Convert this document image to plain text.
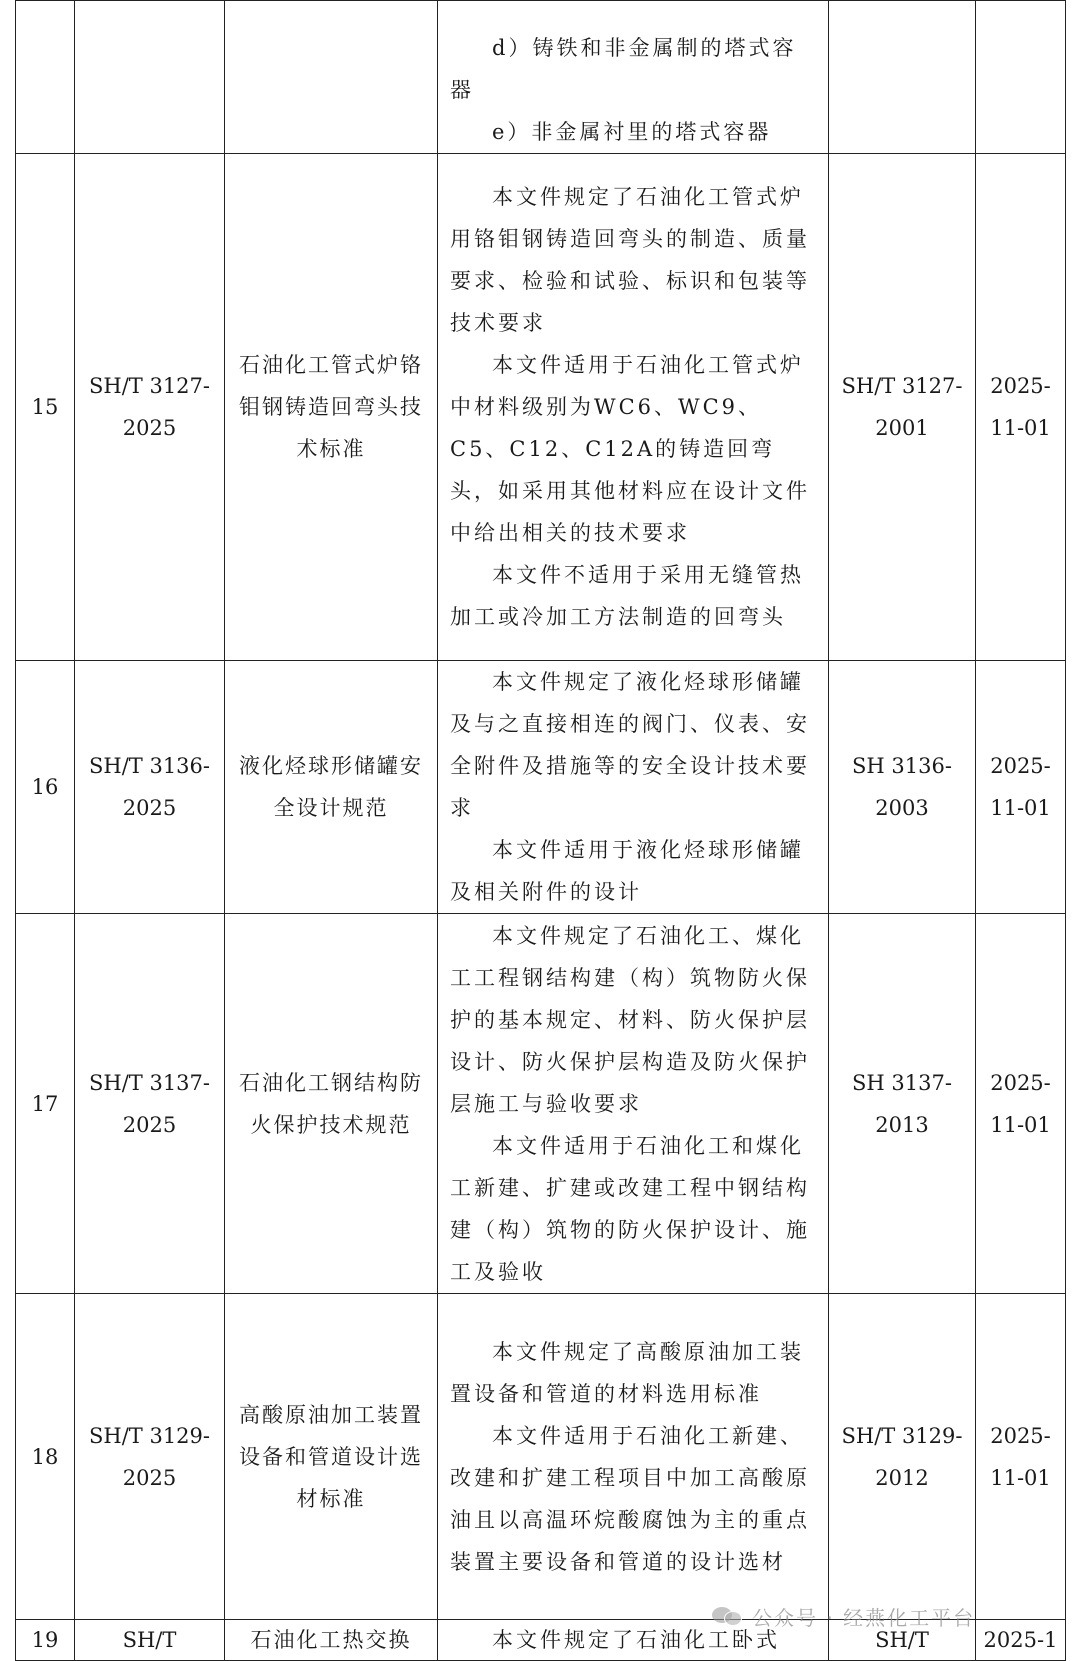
			d）铸铁和非金属制的塔式容器
e）非金属衬里的塔式容器		

15	SH/T 3127-2025	石油化工管式炉铬钼钢铸造回弯头技术标准	本文件规定了石油化工管式炉用铬钼钢铸造回弯头的制造、质量要求、检验和试验、标识和包装等技术要求
本文件适用于石油化工管式炉中材料级别为WC6、WC9、C5、C12、C12A的铸造回弯头，如采用其他材料应在设计文件中给出相关的技术要求
本文件不适用于采用无缝管热加工或冷加工方法制造的回弯头	SH/T 3127-2001	2025-11-01
16	SH/T 3136-2025	液化烃球形储罐安全设计规范	本文件规定了液化烃球形储罐及与之直接相连的阀门、仪表、安全附件及措施等的安全设计技术要求
本文件适用于液化烃球形储罐及相关附件的设计	SH 3136-2003	2025-11-01
17	SH/T 3137-2025	石油化工钢结构防火保护技术规范	本文件规定了石油化工、煤化工工程钢结构建（构）筑物防火保护的基本规定、材料、防火保护层设计、防火保护层构造及防火保护层施工与验收要求
本文件适用于石油化工和煤化工新建、扩建或改建工程中钢结构建（构）筑物的防火保护设计、施工及验收	SH 3137-2013	2025-11-01
18	SH/T 3129-2025	高酸原油加工装置设备和管道设计选材标准	本文件规定了高酸原油加工装置设备和管道的材料选用标准
本文件适用于石油化工新建、改建和扩建工程项目中加工高酸原油且以高温环烷酸腐蚀为主的重点装置主要设备和管道的设计选材	SH/T 3129-2012	2025-11-01
19	SH/T	石油化工热交换	本文件规定了石油化工卧式	SH/T	2025-1
公众号 · 经燕化工平台
